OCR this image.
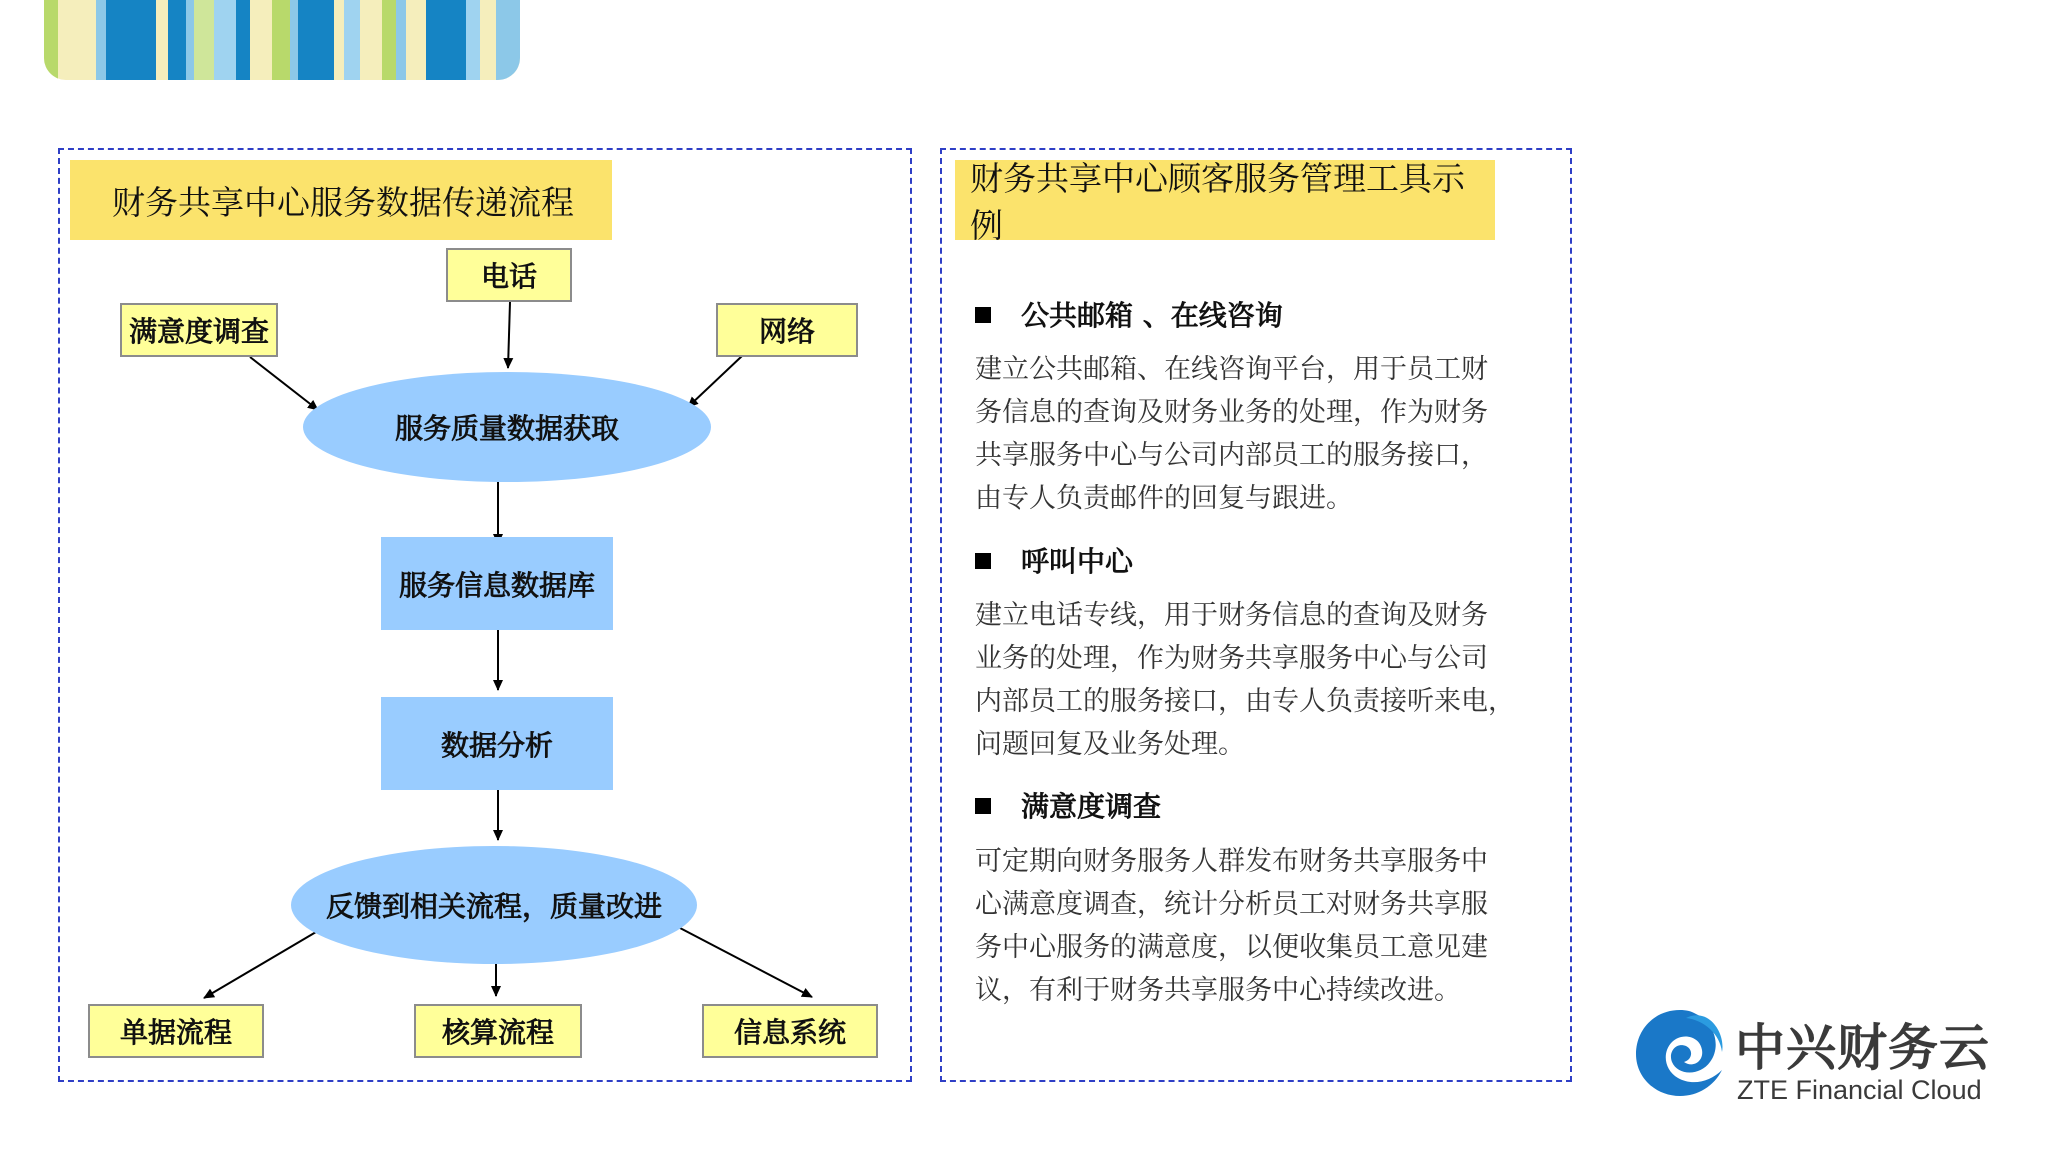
财务共享中心服务数据传递流程
财务共享中心顾客服务管理工具示例
电话
满意度调查	网络
服务质量数据获取
服务信息数据库
数据分析
反馈到相关流程，质量改进
单据流程	核算流程	信息系统
公共邮箱 、在线咨询
建立公共邮箱、在线咨询平台，用于员工财
务信息的查询及财务业务的处理，作为财务
共享服务中心与公司内部员工的服务接口，
由专人负责邮件的回复与跟进。
呼叫中心
建立电话专线，用于财务信息的查询及财务
业务的处理，作为财务共享服务中心与公司
内部员工的服务接口，由专人负责接听来电，
问题回复及业务处理。
满意度调查
可定期向财务服务人群发布财务共享服务中
心满意度调查，统计分析员工对财务共享服
务中心服务的满意度，以便收集员工意见建
议，有利于财务共享服务中心持续改进。
中兴财务云
ZTE Financial Cloud
